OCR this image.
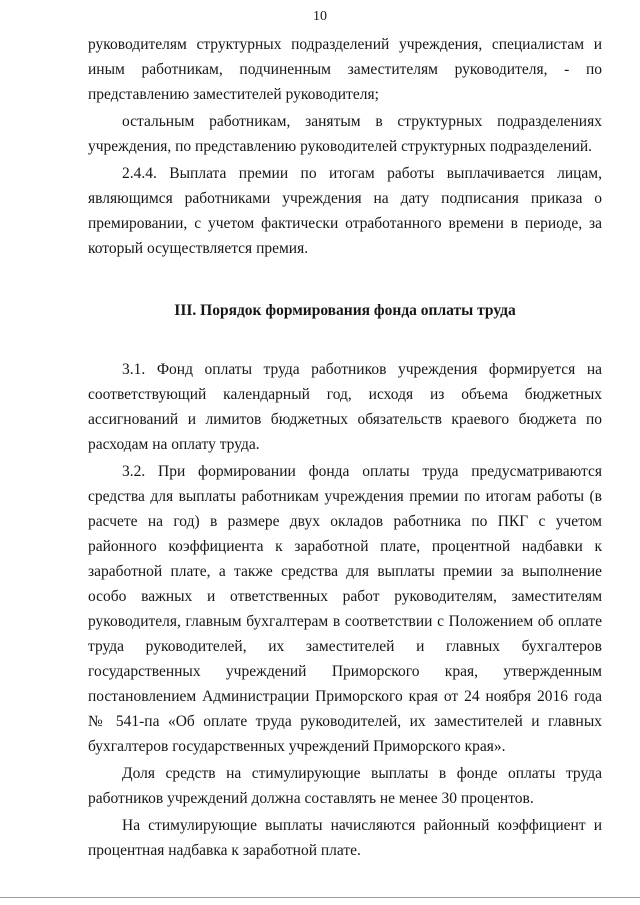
10

руководителям структурных подразделений учреждения, специалистам и иным работникам, подчиненным заместителям руководителя, - по представлению заместителей руководителя;

остальным работникам, занятым в структурных подразделениях учреждения, по представлению руководителей структурных подразделений.

2.4.4. Выплата премии по итогам работы выплачивается лицам, являющимся работниками учреждения на дату подписания приказа о премировании, с учетом фактически отработанного времени в периоде, за который осуществляется премия.

III. Порядок формирования фонда оплаты труда

3.1. Фонд оплаты труда работников учреждения формируется на соответствующий календарный год, исходя из объема бюджетных ассигнований и лимитов бюджетных обязательств краевого бюджета по расходам на оплату труда.

3.2. При формировании фонда оплаты труда предусматриваются средства для выплаты работникам учреждения премии по итогам работы (в расчете на год) в размере двух окладов работника по ПКГ с учетом районного коэффициента к заработной плате, процентной надбавки к заработной плате, а также средства для выплаты премии за выполнение особо важных и ответственных работ руководителям, заместителям руководителя, главным бухгалтерам в соответствии с Положением об оплате труда руководителей, их заместителей и главных бухгалтеров государственных учреждений Приморского края, утвержденным постановлением Администрации Приморского края от 24 ноября 2016 года № 541-па «Об оплате труда руководителей, их заместителей и главных бухгалтеров государственных учреждений Приморского края».

Доля средств на стимулирующие выплаты в фонде оплаты труда работников учреждений должна составлять не менее 30 процентов.

На стимулирующие выплаты начисляются районный коэффициент и процентная надбавка к заработной плате.
